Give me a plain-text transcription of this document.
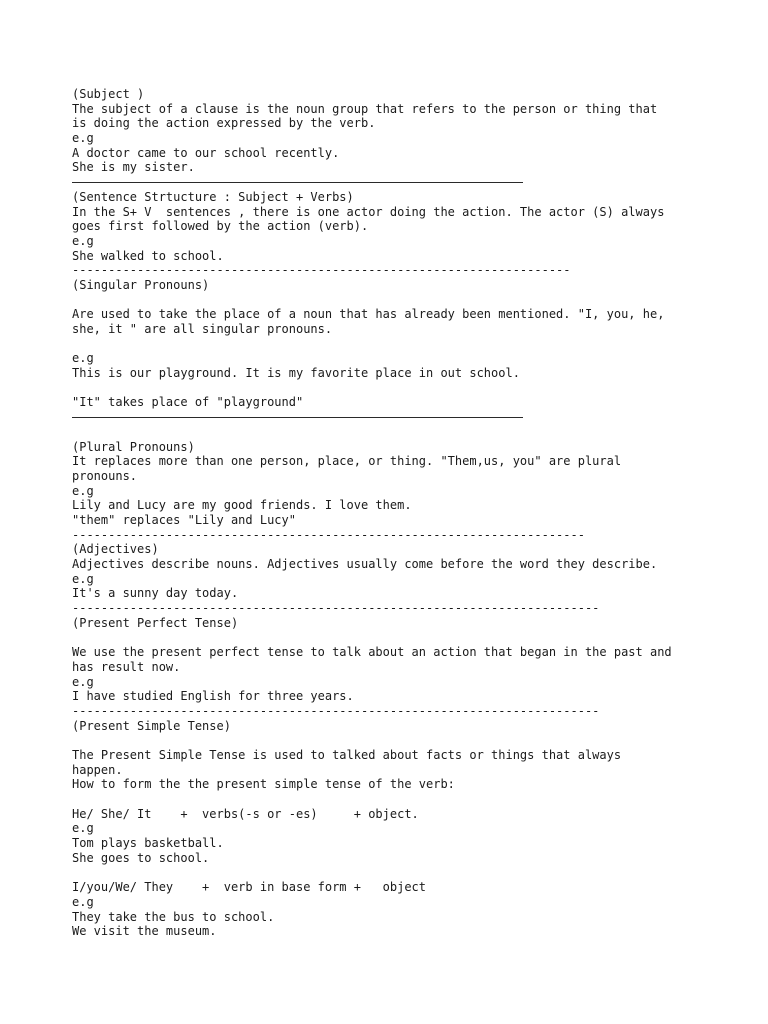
(Subject )
The subject of a clause is the noun group that refers to the person or thing that
is doing the action expressed by the verb.
e.g
A doctor came to our school recently.
She is my sister.
(Sentence Strtucture : Subject + Verbs)
In the S+ V  sentences , there is one actor doing the action. The actor (S) always
goes first followed by the action (verb).
e.g
She walked to school.
---------------------------------------------------------------------
(Singular Pronouns)
Are used to take the place of a noun that has already been mentioned. "I, you, he,
she, it " are all singular pronouns.
e.g
This is our playground. It is my favorite place in out school.
"It" takes place of "playground"
(Plural Pronouns)
It replaces more than one person, place, or thing. "Them,us, you" are plural
pronouns.
e.g
Lily and Lucy are my good friends. I love them.
"them" replaces "Lily and Lucy"
-----------------------------------------------------------------------
(Adjectives)
Adjectives describe nouns. Adjectives usually come before the word they describe.
e.g
It's a sunny day today.
-------------------------------------------------------------------------
(Present Perfect Tense)
We use the present perfect tense to talk about an action that began in the past and
has result now.
e.g
I have studied English for three years.
-------------------------------------------------------------------------
(Present Simple Tense)
The Present Simple Tense is used to talked about facts or things that always
happen.
How to form the the present simple tense of the verb:
He/ She/ It    +  verbs(-s or -es)     + object.
e.g
Tom plays basketball.
She goes to school.
I/you/We/ They    +  verb in base form +   object
e.g
They take the bus to school.
We visit the museum.
